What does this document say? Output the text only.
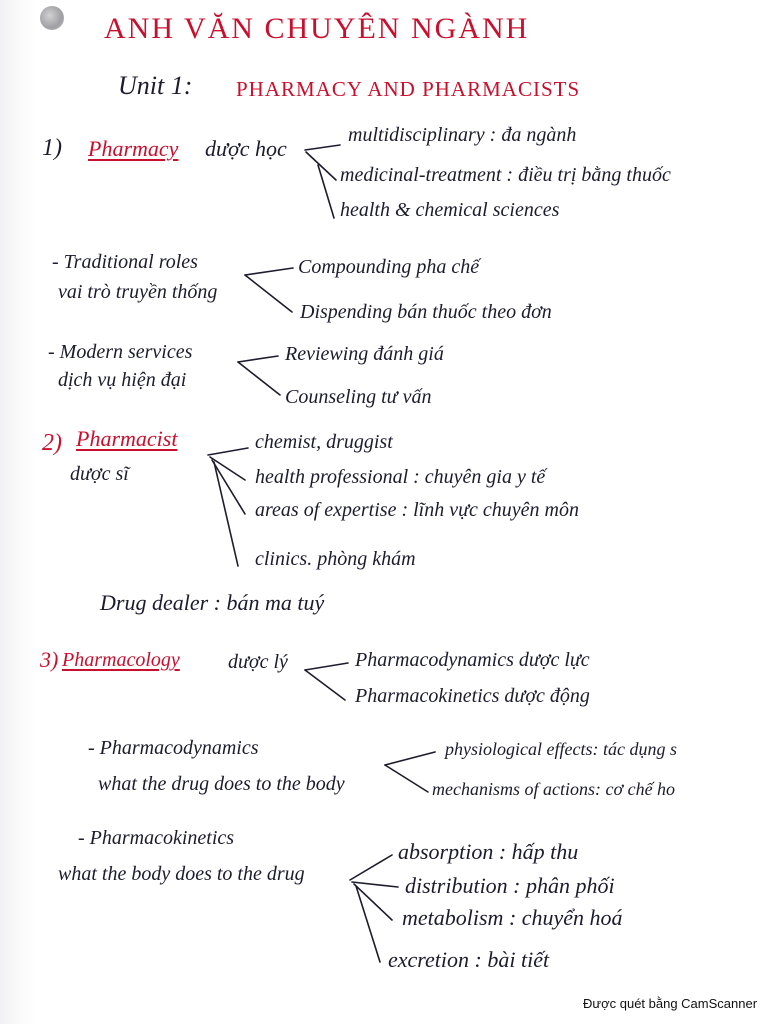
ANH VĂN CHUYÊN NGÀNH
Unit 1: PHARMACY AND PHARMACISTS
1) Pharmacy dược học
multidisciplinary : đa ngành
medicinal-treatment : điều trị bằng thuốc
health & chemical sciences
- Traditional roles
vai trò truyền thống
Compounding pha chế
Dispending bán thuốc theo đơn
- Modern services
dịch vụ hiện đại
Reviewing đánh giá
Counseling tư vấn
2) Pharmacist
dược sĩ
chemist, druggist
health professional : chuyên gia y tế
areas of expertise : lĩnh vực chuyên môn
clinics. phòng khám
Drug dealer : bán ma tuý
3) Pharmacology dược lý	Pharmacodynamics dược lực
Pharmacokinetics dược động
- Pharmacodynamics
what the drug does to the body
physiological effects: tác dụng s
mechanisms of actions: cơ chế ho
- Pharmacokinetics
what the body does to the drug
absorption : hấp thu
distribution : phân phối
metabolism : chuyển hoá
excretion : bài tiết
Được quét bằng CamScanner
